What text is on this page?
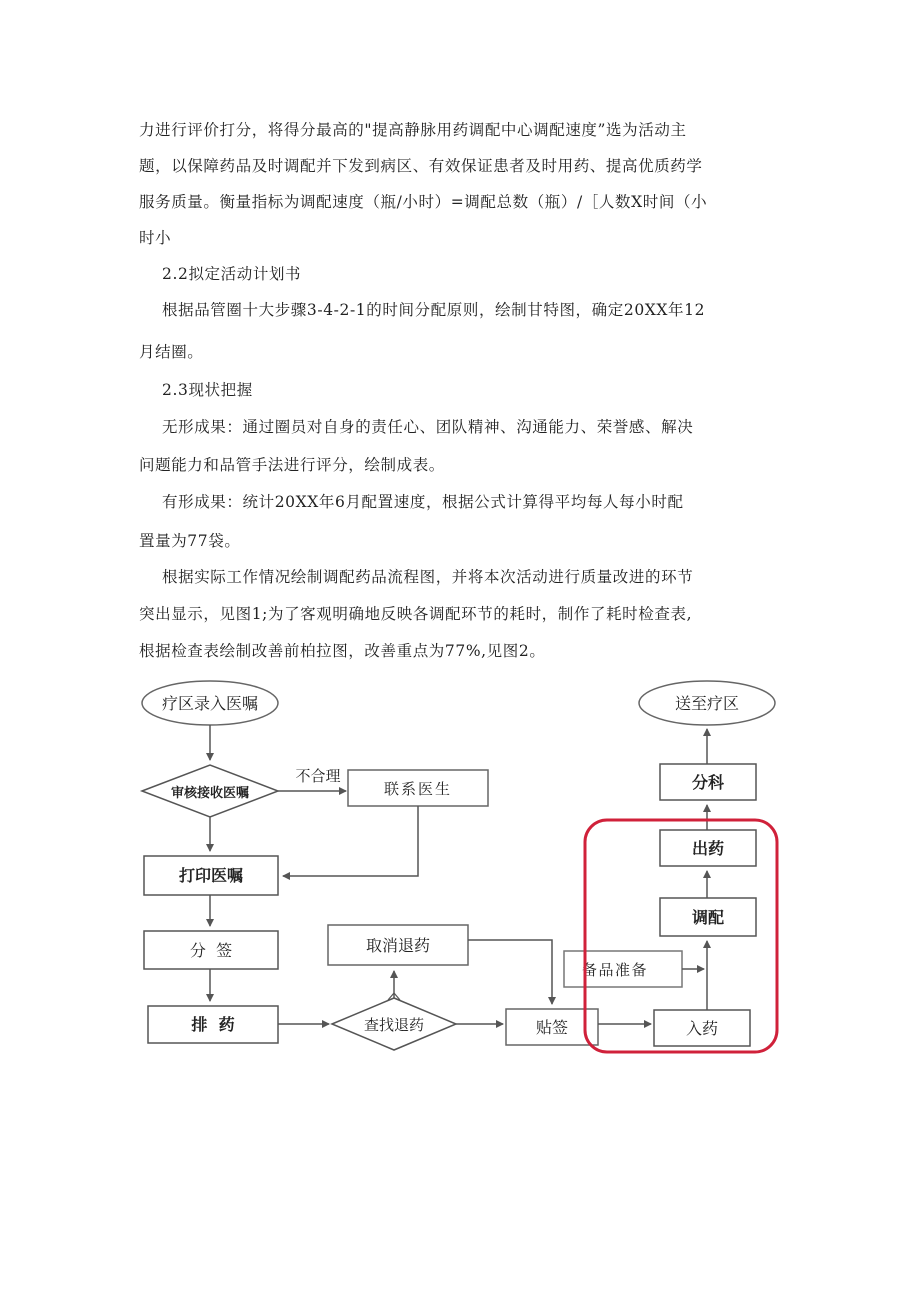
力进行评价打分，将得分最高的"提高静脉用药调配中心调配速度”选为活动主
题，以保障药品及时调配并下发到病区、有效保证患者及时用药、提高优质药学
服务质量。衡量指标为调配速度（瓶/小时）=调配总数（瓶）/［人数X时间（小
时小
2.2拟定活动计划书
根据品管圈十大步骤3-4-2-1的时间分配原则，绘制甘特图，确定20XX年12
月结圈。
2.3现状把握
无形成果：通过圈员对自身的责任心、团队精神、沟通能力、荣誉感、解决
问题能力和品管手法进行评分，绘制成表。
有形成果：统计20XX年6月配置速度，根据公式计算得平均每人每小时配
置量为77袋。
根据实际工作情况绘制调配药品流程图，并将本次活动进行质量改进的环节
突出显示，见图1;为了客观明确地反映各调配环节的耗时，制作了耗时检查表,
根据检查表绘制改善前柏拉图，改善重点为77%,见图2。
疗区录入医嘱
审核接收医嘱
不合理
联系医生
打印医嘱
分  签
排  药	查找退药
取消退药
贴签
备品准备
入药
调配
出药
分科
送至疗区
